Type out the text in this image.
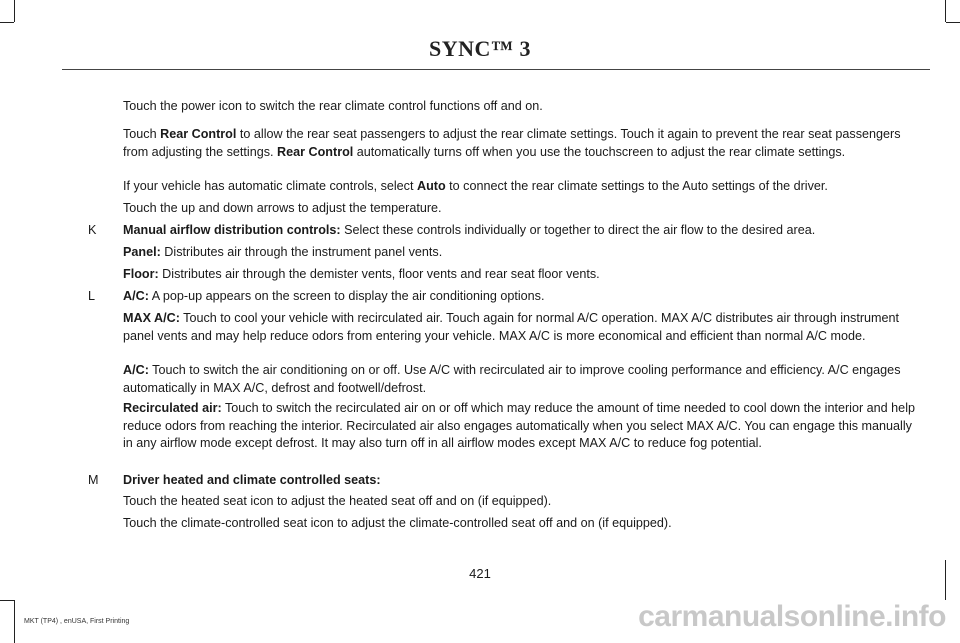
SYNC™ 3
Touch the power icon to switch the rear climate control functions off and on.
Touch Rear Control to allow the rear seat passengers to adjust the rear climate settings. Touch it again to prevent the rear seat passengers from adjusting the settings. Rear Control automatically turns off when you use the touchscreen to adjust the rear climate settings.
If your vehicle has automatic climate controls, select Auto to connect the rear climate settings to the Auto settings of the driver.
Touch the up and down arrows to adjust the temperature.
K Manual airflow distribution controls: Select these controls individually or together to direct the air flow to the desired area.
Panel: Distributes air through the instrument panel vents.
Floor: Distributes air through the demister vents, floor vents and rear seat floor vents.
L A/C: A pop-up appears on the screen to display the air conditioning options.
MAX A/C: Touch to cool your vehicle with recirculated air. Touch again for normal A/C operation. MAX A/C distributes air through instrument panel vents and may help reduce odors from entering your vehicle. MAX A/C is more economical and efficient than normal A/C mode.
A/C: Touch to switch the air conditioning on or off. Use A/C with recirculated air to improve cooling performance and efficiency. A/C engages automatically in MAX A/C, defrost and footwell/defrost.
Recirculated air: Touch to switch the recirculated air on or off which may reduce the amount of time needed to cool down the interior and help reduce odors from reaching the interior. Recirculated air also engages automatically when you select MAX A/C. You can engage this manually in any airflow mode except defrost. It may also turn off in all airflow modes except MAX A/C to reduce fog potential.
M Driver heated and climate controlled seats:
Touch the heated seat icon to adjust the heated seat off and on (if equipped).
Touch the climate-controlled seat icon to adjust the climate-controlled seat off and on (if equipped).
421
MKT (TP4) , enUSA, First Printing	carmanualsonline.info
